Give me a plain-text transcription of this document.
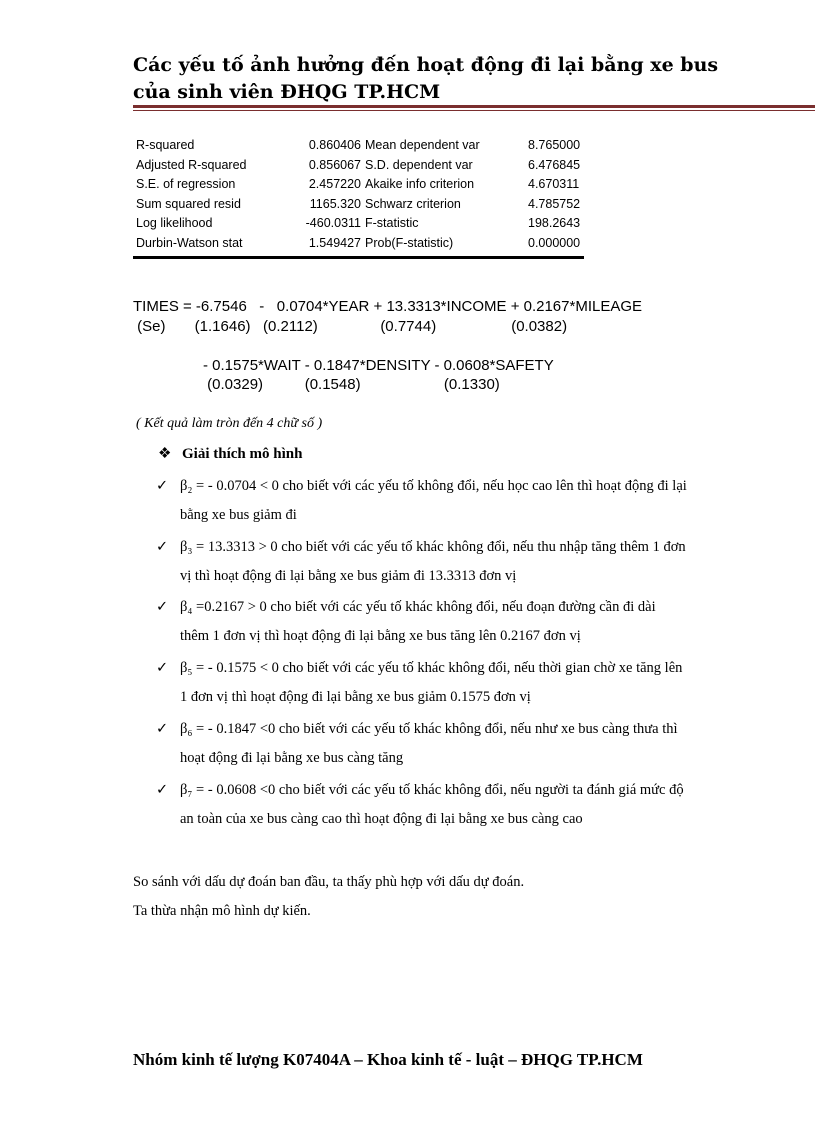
Các yếu tố ảnh hưởng đến hoạt động đi lại bằng xe bus của sinh viên ĐHQG TP.HCM
R-squared	0.860406 Mean dependent var	8.765000
Adjusted R-squared	0.856067 S.D. dependent var	6.476845
S.E. of regression	2.457220 Akaike info criterion	4.670311
Sum squared resid	1165.320 Schwarz criterion	4.785752
Log likelihood	-460.0311 F-statistic	198.2643
Durbin-Watson stat	1.549427 Prob(F-statistic)	0.000000
TIMES = -6.7546   -   0.0704*YEAR + 13.3313*INCOME + 0.2167*MILEAGE
(Se)       (1.1646)   (0.2112)               (0.7744)                  (0.0382)
- 0.1575*WAIT - 0.1847*DENSITY - 0.0608*SAFETY
(0.0329)          (0.1548)                    (0.1330)
( Kết quả làm tròn đến 4 chữ số )
❖ Giải thích mô hình
✓ β₂ = - 0.0704 < 0 cho biết với các yếu tố không đổi, nếu học cao lên thì hoạt động đi lại
bằng xe bus giảm đi
✓ β₃ = 13.3313 > 0 cho biết với các yếu tố khác không đổi, nếu thu nhập tăng thêm 1 đơn
vị thì hoạt động đi lại bằng xe bus giảm đi 13.3313 đơn vị
✓ β₄ =0.2167 > 0 cho biết với các yếu tố khác không đổi, nếu đoạn đường cần đi dài
thêm 1 đơn vị thì hoạt động đi lại bằng xe bus tăng lên 0.2167 đơn vị
✓ β₅ = - 0.1575 < 0 cho biết với các yếu tố khác không đổi, nếu thời gian chờ xe tăng lên
1 đơn vị thì hoạt động đi lại bằng xe bus giảm 0.1575 đơn vị
✓ β₆ = - 0.1847 <0 cho biết với các yếu tố khác không đổi, nếu như xe bus càng thưa thì
hoạt động đi lại bằng xe bus càng tăng
✓ β₇ = - 0.0608 <0 cho biết với các yếu tố khác không đổi, nếu người ta đánh giá mức độ
an toàn của xe bus càng cao thì hoạt động đi lại bằng xe bus càng cao
So sánh với dấu dự đoán ban đầu, ta thấy phù hợp với dấu dự đoán.
Ta thừa nhận mô hình dự kiến.
Nhóm kinh tế lượng K07404A – Khoa kinh tế - luật – ĐHQG TP.HCM
